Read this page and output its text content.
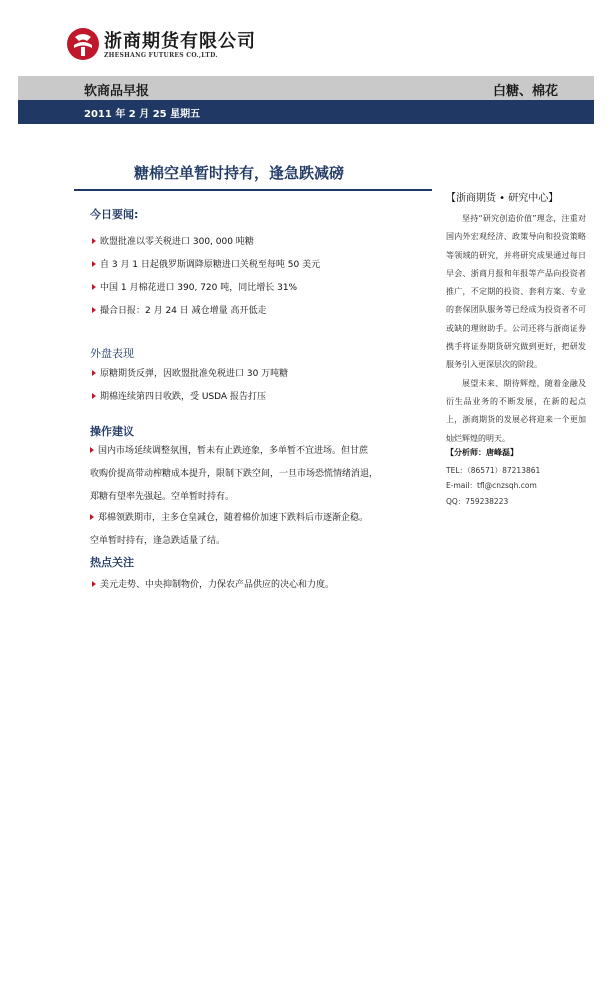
浙商期货有限公司
ZHESHANG FUTURES CO.,LTD.
软商品早报	白糖、棉花
2011 年 2 月 25 星期五
糖棉空单暂时持有，逢急跌减磅
今日要闻:
欧盟批准以零关税进口 300, 000 吨糖
自 3 月 1 日起俄罗斯调降原糖进口关税至每吨 50 美元
中国 1 月棉花进口 390, 720 吨，同比增长 31%
撮合日报：2 月 24 日 减仓增量 高开低走
外盘表现
原糖期货反弹，因欧盟批准免税进口 30 万吨糖
期棉连续第四日收跌，受 USDA 报告打压
操作建议
国内市场延续调整氛围，暂未有止跌迹象，多单暂不宜进场。但甘蔗
收购价提高带动榨糖成本提升，限制下跌空间，一旦市场恐慌情绪消退，
郑糖有望率先强起。空单暂时持有。
郑棉领跌期市，主多仓皇减仓，随着棉价加速下跌料后市逐渐企稳。
空单暂时持有，逢急跌适量了结。
热点关注
美元走势、中央抑制物价，力保农产品供应的决心和力度。
【浙商期货 • 研究中心】

坚持“研究创造价值”理念，注重对国内外宏观经济、政策导向和投资策略等领域的研究，并将研究成果通过每日早会、浙商月报和年报等产品向投资者推广，不定期的投资、套利方案、专业的套保团队服务等已经成为投资者不可或缺的理财助手。公司还将与浙商证券携手将证券期货研究做到更好，把研发服务引入更深层次的阶段。

展望未来、期待辉煌，随着金融及衍生品业务的不断发展，在新的起点上，浙商期货的发展必将迎来一个更加灿烂辉煌的明天。

【分析师：唐峰磊】
TEL：（86571）87213861
E-mail：tfl@cnzsqh.com
QQ：759238223
